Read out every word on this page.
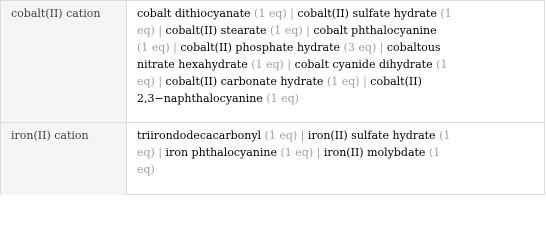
cobalt(II) cation	cobalt dithiocyanate (1 eq) | cobalt(II) sulfate hydrate (1
eq) | cobalt(II) stearate (1 eq) | cobalt phthalocyanine
(1 eq) | cobalt(II) phosphate hydrate (3 eq) | cobaltous
nitrate hexahydrate (1 eq) | cobalt cyanide dihydrate (1
eq) | cobalt(II) carbonate hydrate (1 eq) | cobalt(II)
2,3−naphthalocyanine (1 eq)
iron(II) cation	triirondodecacarbonyl (1 eq) | iron(II) sulfate hydrate (1
eq) | iron phthalocyanine (1 eq) | iron(II) molybdate (1
eq)
